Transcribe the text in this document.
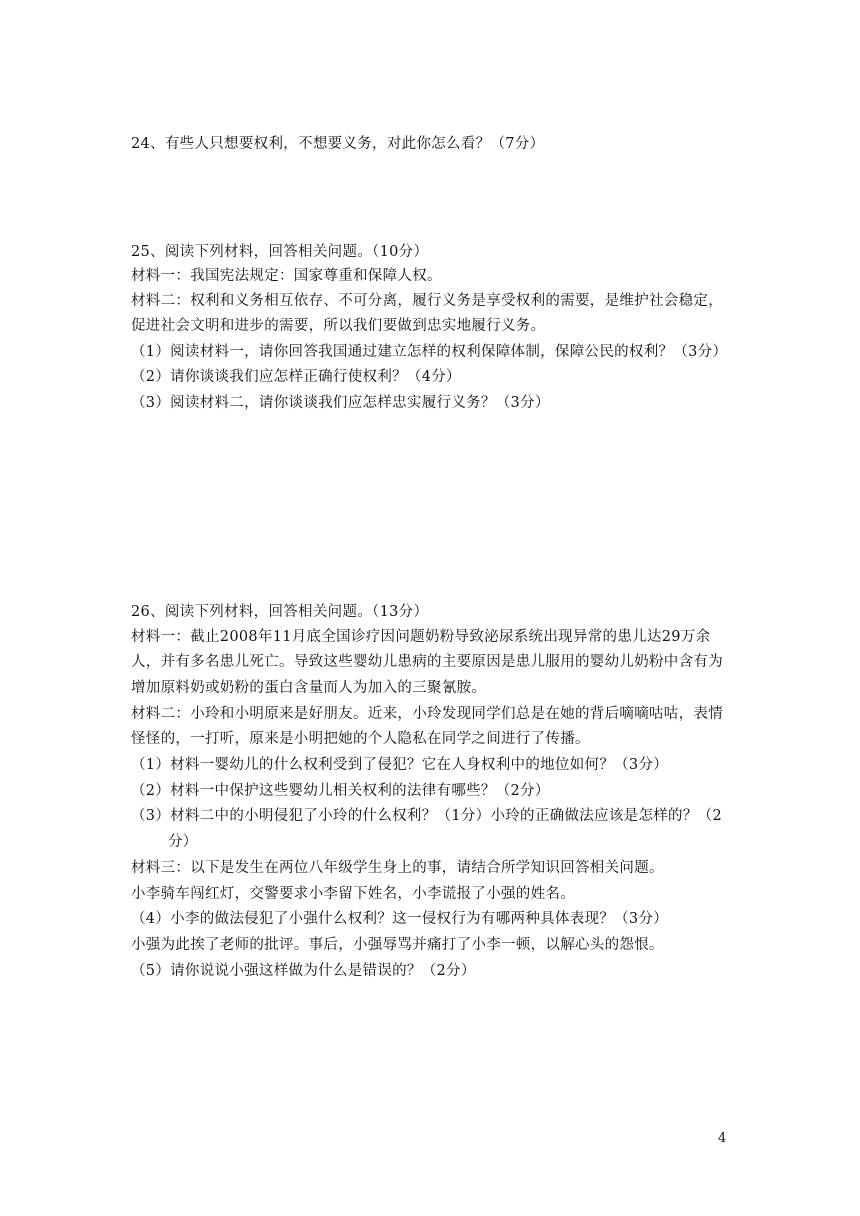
24、有些人只想要权利，不想要义务，对此你怎么看？（7分）
25、阅读下列材料，回答相关问题。（10分）
材料一：我国宪法规定：国家尊重和保障人权。
材料二：权利和义务相互依存、不可分离，履行义务是享受权利的需要，是维护社会稳定，
促进社会文明和进步的需要，所以我们要做到忠实地履行义务。
（1）阅读材料一，请你回答我国通过建立怎样的权利保障体制，保障公民的权利？（3分）
（2）请你谈谈我们应怎样正确行使权利？（4分）
（3）阅读材料二，请你谈谈我们应怎样忠实履行义务？（3分）
26、阅读下列材料，回答相关问题。（13分）
材料一：截止2008年11月底全国诊疗因问题奶粉导致泌尿系统出现异常的患儿达29万余
人，并有多名患儿死亡。导致这些婴幼儿患病的主要原因是患儿服用的婴幼儿奶粉中含有为
增加原料奶或奶粉的蛋白含量而人为加入的三聚氰胺。
材料二：小玲和小明原来是好朋友。近来，小玲发现同学们总是在她的背后嘀嘀咕咕，表情
怪怪的，一打听，原来是小明把她的个人隐私在同学之间进行了传播。
（1）材料一婴幼儿的什么权利受到了侵犯？它在人身权利中的地位如何？（3分）
（2）材料一中保护这些婴幼儿相关权利的法律有哪些？（2分）
（3）材料二中的小明侵犯了小玲的什么权利？（1分）小玲的正确做法应该是怎样的？（2
分）
材料三：以下是发生在两位八年级学生身上的事，请结合所学知识回答相关问题。
小李骑车闯红灯，交警要求小李留下姓名，小李谎报了小强的姓名。
（4）小李的做法侵犯了小强什么权利？这一侵权行为有哪两种具体表现？（3分）
小强为此挨了老师的批评。事后，小强辱骂并痛打了小李一顿，以解心头的怨恨。
（5）请你说说小强这样做为什么是错误的？（2分）
4
